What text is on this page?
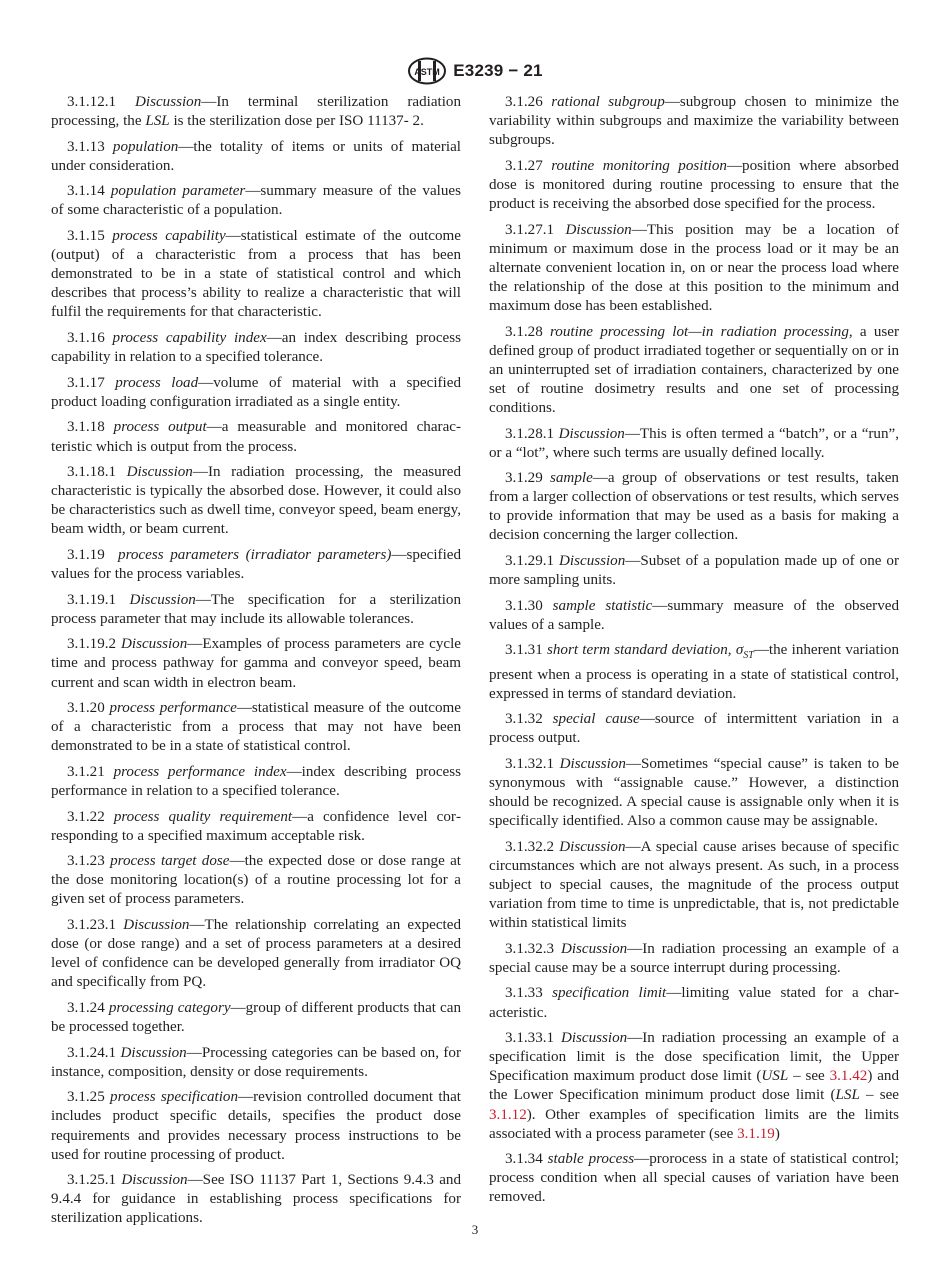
ASTM E3239 − 21

3.1.12.1 Discussion—In terminal sterilization radiation processing, the LSL is the sterilization dose per ISO 11137- 2.

3.1.13 population—the totality of items or units of material under consideration.

3.1.14 population parameter—summary measure of the values of some characteristic of a population.

3.1.15 process capability—statistical estimate of the outcome (output) of a characteristic from a process that has been demonstrated to be in a state of statistical control and which describes that process’s ability to realize a characteristic that will fulfil the requirements for that characteristic.

3.1.16 process capability index—an index describing process capability in relation to a specified tolerance.

3.1.17 process load—volume of material with a specified product loading configuration irradiated as a single entity.

3.1.18 process output—a measurable and monitored characteristic which is output from the process.

3.1.18.1 Discussion—In radiation processing, the measured characteristic is typically the absorbed dose. However, it could also be characteristics such as dwell time, conveyor speed, beam energy, beam width, or beam current.

3.1.19  process parameters (irradiator parameters)—specified values for the process variables.

3.1.19.1 Discussion—The specification for a sterilization process parameter that may include its allowable tolerances.

3.1.19.2 Discussion—Examples of process parameters are cycle time and process pathway for gamma and conveyor speed, beam current and scan width in electron beam.

3.1.20 process performance—statistical measure of the outcome of a characteristic from a process that may not have been demonstrated to be in a state of statistical control.

3.1.21 process performance index—index describing process performance in relation to a specified tolerance.

3.1.22 process quality requirement—a confidence level corresponding to a specified maximum acceptable risk.

3.1.23 process target dose—the expected dose or dose range at the dose monitoring location(s) of a routine processing lot for a given set of process parameters.

3.1.23.1 Discussion—The relationship correlating an expected dose (or dose range) and a set of process parameters at a desired level of confidence can be developed generally from irradiator OQ and specifically from PQ.

3.1.24 processing category—group of different products that can be processed together.

3.1.24.1 Discussion—Processing categories can be based on, for instance, composition, density or dose requirements.

3.1.25 process specification—revision controlled document that includes product specific details, specifies the product dose requirements and provides necessary process instructions to be used for routine processing of product.

3.1.25.1 Discussion—See ISO 11137 Part 1, Sections 9.4.3 and 9.4.4 for guidance in establishing process specifications for sterilization applications.

3.1.26 rational subgroup—subgroup chosen to minimize the variability within subgroups and maximize the variability between subgroups.

3.1.27 routine monitoring position—position where absorbed dose is monitored during routine processing to ensure that the product is receiving the absorbed dose specified for the process.

3.1.27.1 Discussion—This position may be a location of minimum or maximum dose in the process load or it may be an alternate convenient location in, on or near the process load where the relationship of the dose at this position to the minimum and maximum dose has been established.

3.1.28 routine processing lot—in radiation processing, a user defined group of product irradiated together or sequentially on or in an uninterrupted set of irradiation containers, characterized by one set of routine dosimetry results and one set of processing conditions.

3.1.28.1 Discussion—This is often termed a “batch”, or a “run”, or a “lot”, where such terms are usually defined locally.

3.1.29 sample—a group of observations or test results, taken from a larger collection of observations or test results, which serves to provide information that may be used as a basis for making a decision concerning the larger collection.

3.1.29.1 Discussion—Subset of a population made up of one or more sampling units.

3.1.30 sample statistic—summary measure of the observed values of a sample.

3.1.31 short term standard deviation, $\sigma_{ST}—the$ inherent variation present when a process is operating in a state of statistical control, expressed in terms of standard deviation.

3.1.32 special cause—source of intermittent variation in a process output.

3.1.32.1 Discussion—Sometimes “special cause” is taken to be synonymous with “assignable cause.” However, a distinction should be recognized. A special cause is assignable only when it is specifically identified. Also a common cause may be assignable.

3.1.32.2 Discussion—A special cause arises because of specific circumstances which are not always present. As such, in a process subject to special causes, the magnitude of the process output variation from time to time is unpredictable, that is, not predictable within statistical limits

3.1.32.3 Discussion—In radiation processing an example of a special cause may be a source interrupt during processing.

3.1.33 specification limit—limiting value stated for a characteristic.

3.1.33.1 Discussion—In radiation processing an example of a specification limit is the dose specification limit, the Upper Specification maximum product dose limit (USL – see 3.1.42) and the Lower Specification minimum product dose limit (LSL – see 3.1.12). Other examples of specification limits are the limits associated with a process parameter (see 3.1.19)

3.1.34 stable process—prorocess in a state of statistical control; process condition when all special causes of variation have been removed.

3
